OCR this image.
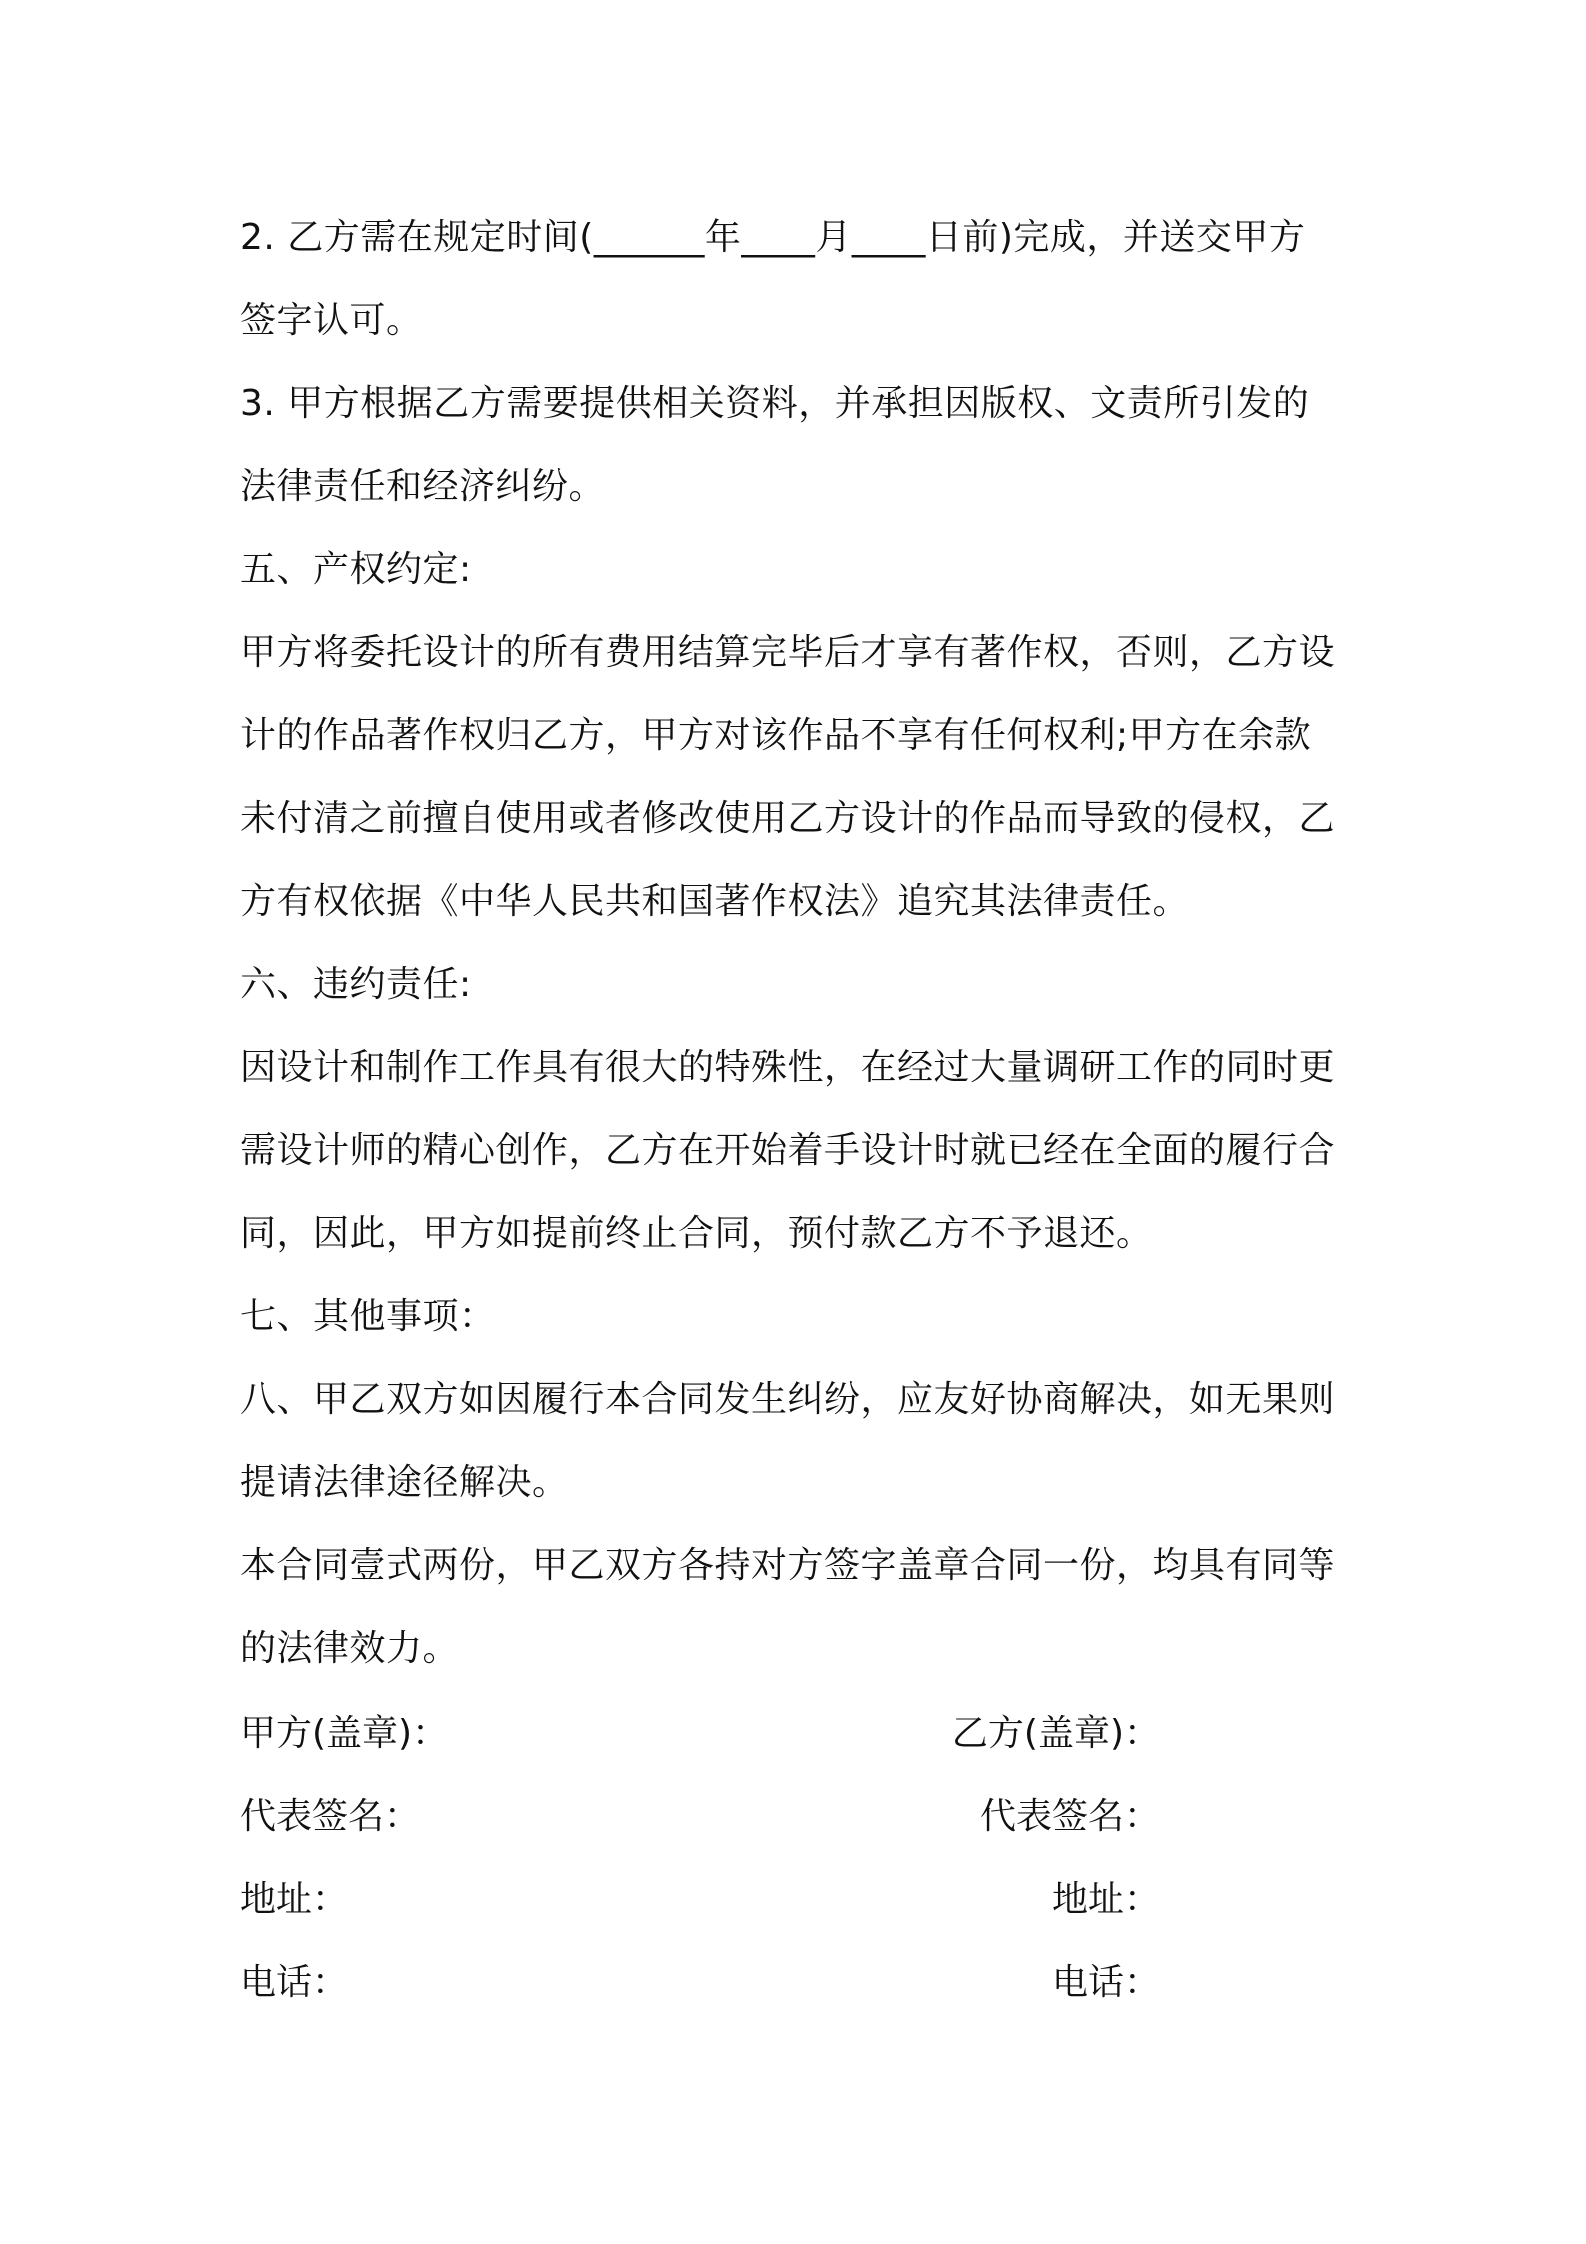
2. 乙方需在规定时间(______年____月____日前)完成，并送交甲方
签字认可。
3. 甲方根据乙方需要提供相关资料，并承担因版权、文责所引发的
法律责任和经济纠纷。
五、产权约定:
甲方将委托设计的所有费用结算完毕后才享有著作权，否则，乙方设
计的作品著作权归乙方，甲方对该作品不享有任何权利;甲方在余款
未付清之前擅自使用或者修改使用乙方设计的作品而导致的侵权，乙
方有权依据《中华人民共和国著作权法》追究其法律责任。
六、违约责任:
因设计和制作工作具有很大的特殊性，在经过大量调研工作的同时更
需设计师的精心创作，乙方在开始着手设计时就已经在全面的履行合
同，因此，甲方如提前终止合同，预付款乙方不予退还。
七、其他事项：
八、甲乙双方如因履行本合同发生纠纷，应友好协商解决，如无果则
提请法律途径解决。
本合同壹式两份，甲乙双方各持对方签字盖章合同一份，均具有同等
的法律效力。
甲方(盖章)：	乙方(盖章)：
代表签名：	代表签名：
地址：	地址：
电话：	电话：
